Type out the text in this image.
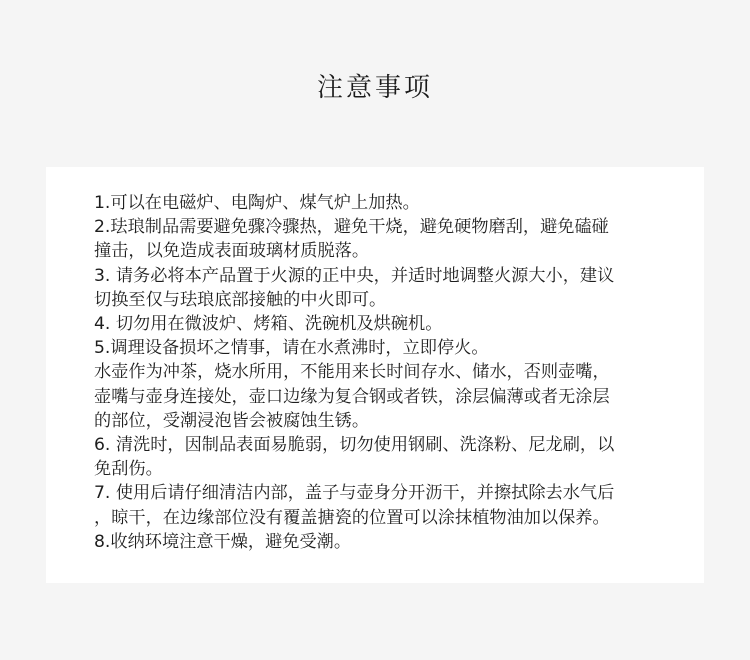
注意事项

1.可以在电磁炉、电陶炉、煤气炉上加热。

2.珐琅制品需要避免骤冷骤热，避免干烧，避免硬物磨刮，避免磕碰

撞击，以免造成表面玻璃材质脱落。

3. 请务必将本产品置于火源的正中央，并适时地调整火源大小，建议

切换至仅与珐琅底部接触的中火即可。

4. 切勿用在微波炉、烤箱、洗碗机及烘碗机。

5.调理设备损坏之情事，请在水煮沸时，立即停火。

水壶作为冲茶，烧水所用，不能用来长时间存水、储水，否则壶嘴，

壶嘴与壶身连接处，壶口边缘为复合钢或者铁，涂层偏薄或者无涂层

的部位，受潮浸泡皆会被腐蚀生锈。

6. 清洗时，因制品表面易脆弱，切勿使用钢刷、洗涤粉、尼龙刷，以

免刮伤。

7. 使用后请仔细清洁内部，盖子与壶身分开沥干，并擦拭除去水气后

，晾干，在边缘部位没有覆盖搪瓷的位置可以涂抹植物油加以保养。

8.收纳环境注意干燥，避免受潮。
